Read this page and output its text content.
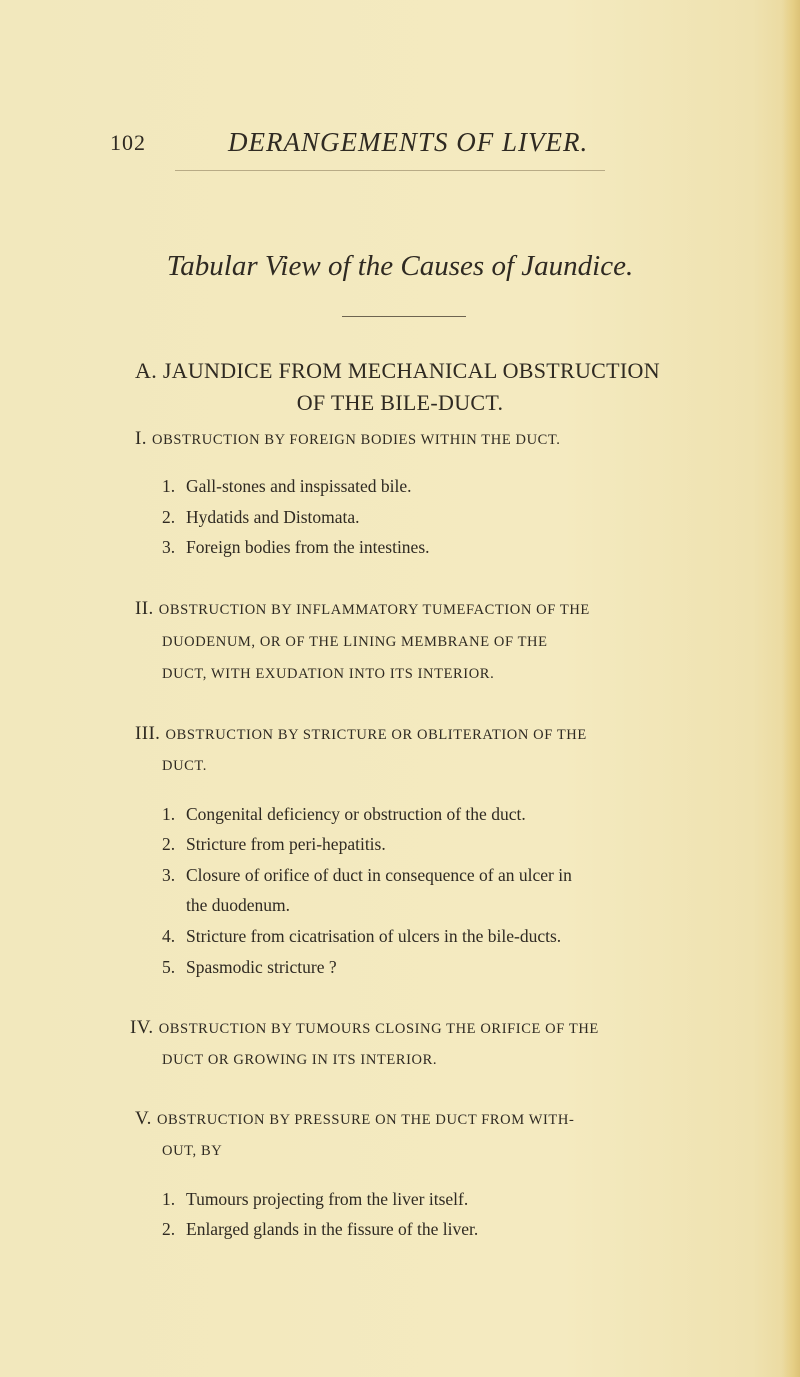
102	DERANGEMENTS OF LIVER.
Tabular View of the Causes of Jaundice.
A. JAUNDICE FROM MECHANICAL OBSTRUCTION
OF THE BILE-DUCT.
I. OBSTRUCTION BY FOREIGN BODIES WITHIN THE DUCT.
1. Gall-stones and inspissated bile.
2. Hydatids and Distomata.
3. Foreign bodies from the intestines.
II. OBSTRUCTION BY INFLAMMATORY TUMEFACTION OF THE
DUODENUM, OR OF THE LINING MEMBRANE OF THE
DUCT, WITH EXUDATION INTO ITS INTERIOR.
III. OBSTRUCTION BY STRICTURE OR OBLITERATION OF THE
DUCT.
1. Congenital deficiency or obstruction of the duct.
2. Stricture from peri-hepatitis.
3. Closure of orifice of duct in consequence of an ulcer in
the duodenum.
4. Stricture from cicatrisation of ulcers in the bile-ducts.
5. Spasmodic stricture ?
IV. OBSTRUCTION BY TUMOURS CLOSING THE ORIFICE OF THE
DUCT OR GROWING IN ITS INTERIOR.
V. OBSTRUCTION BY PRESSURE ON THE DUCT FROM WITH-
OUT, BY
1. Tumours projecting from the liver itself.
2. Enlarged glands in the fissure of the liver.
